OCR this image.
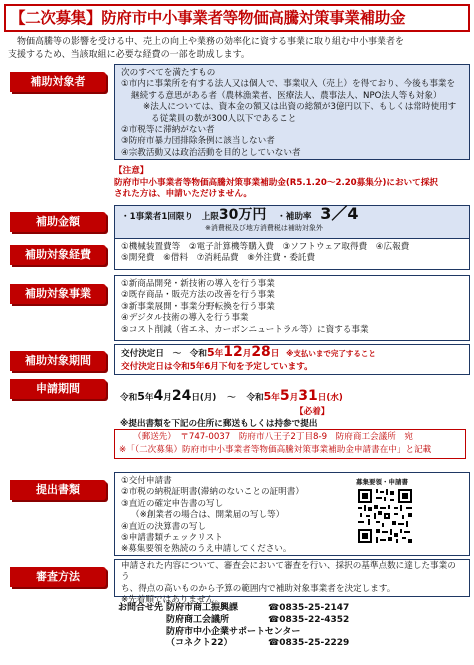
【二次募集】防府市中小事業者等物価高騰対策事業補助金
　物価高騰等の影響を受ける中、売上の向上や業務の効率化に資する事業に取り組む中小事業者を
支援するため、当該取組に必要な経費の一部を助成します。
補助対象者
次のすべてを満たすもの
①市内に事業所を有する法人又は個人で、事業収入（売上）を得ており、今後も事業を
継続する意思がある者（農林漁業者、医療法人、農事法人、NPO法人等も対象）
※法人については、資本金の額又は出資の総額が3億円以下、もしくは常時使用す
る従業員の数が300人以下であること
②市税等に滞納がない者
③防府市暴力団排除条例に該当しない者
④宗教活動又は政治活動を目的としていない者
【注意】
防府市中小事業者等物価高騰対策事業補助金(R5.1.20～2.20募集分)において採択
された方は、申請いただけません。
補助金額	・1事業者1回限り　上限30万円 ・補助率 3／4
※消費税及び地方消費税は補助対象外
補助対象経費
①機械装置費等　②電子計算機等購入費　③ソフトウェア取得費　④広報費
⑤開発費　⑥借料　⑦消耗品費　⑧外注費・委託費
補助対象事業
①新商品開発・新技術の導入を行う事業
②既存商品・販売方法の改善を行う事業
③新事業展開・事業分野転換を行う事業
④デジタル技術の導入を行う事業
⑤コスト削減（省エネ、カーボンニュートラル等）に資する事業
補助対象期間	交付決定日　～　令和5年12月28日 ※支払いまで完了すること
交付決定日は令和5年6月下旬を予定しています。
申請期間
令和5年4月24日(月) ～ 令和5年5月31日(水)
【必着】
※提出書類を下記の住所に郵送もしくは持参で提出
（郵送先）　〒747-0037　防府市八王子2丁目8-9　防府商工会議所　宛
※「（二次募集）防府市中小事業者等物価高騰対策事業補助金申請書在中」と記載
提出書類
①交付申請書
②市税の納税証明書(滞納のないことの証明書）
③直近の確定申告書の写し
（※創業者の場合は、開業届の写し等）
④直近の決算書の写し
⑤申請書類チェックリスト
※募集要領を熟読のうえ申請してください。
募集要領・申請書
審査方法
申請された内容について、審査会において審査を行い、採択の基準点数に達した事業のう
ち、得点の高いものから予算の範囲内で補助対象事業者を決定します。
※先着順ではありません。
お問合せ先 防府市商工振興課	☎0835-25-2147
防府商工会議所	☎0835-22-4352
防府市中小企業サポートセンター
（コネクト22）	☎0835-25-2229
